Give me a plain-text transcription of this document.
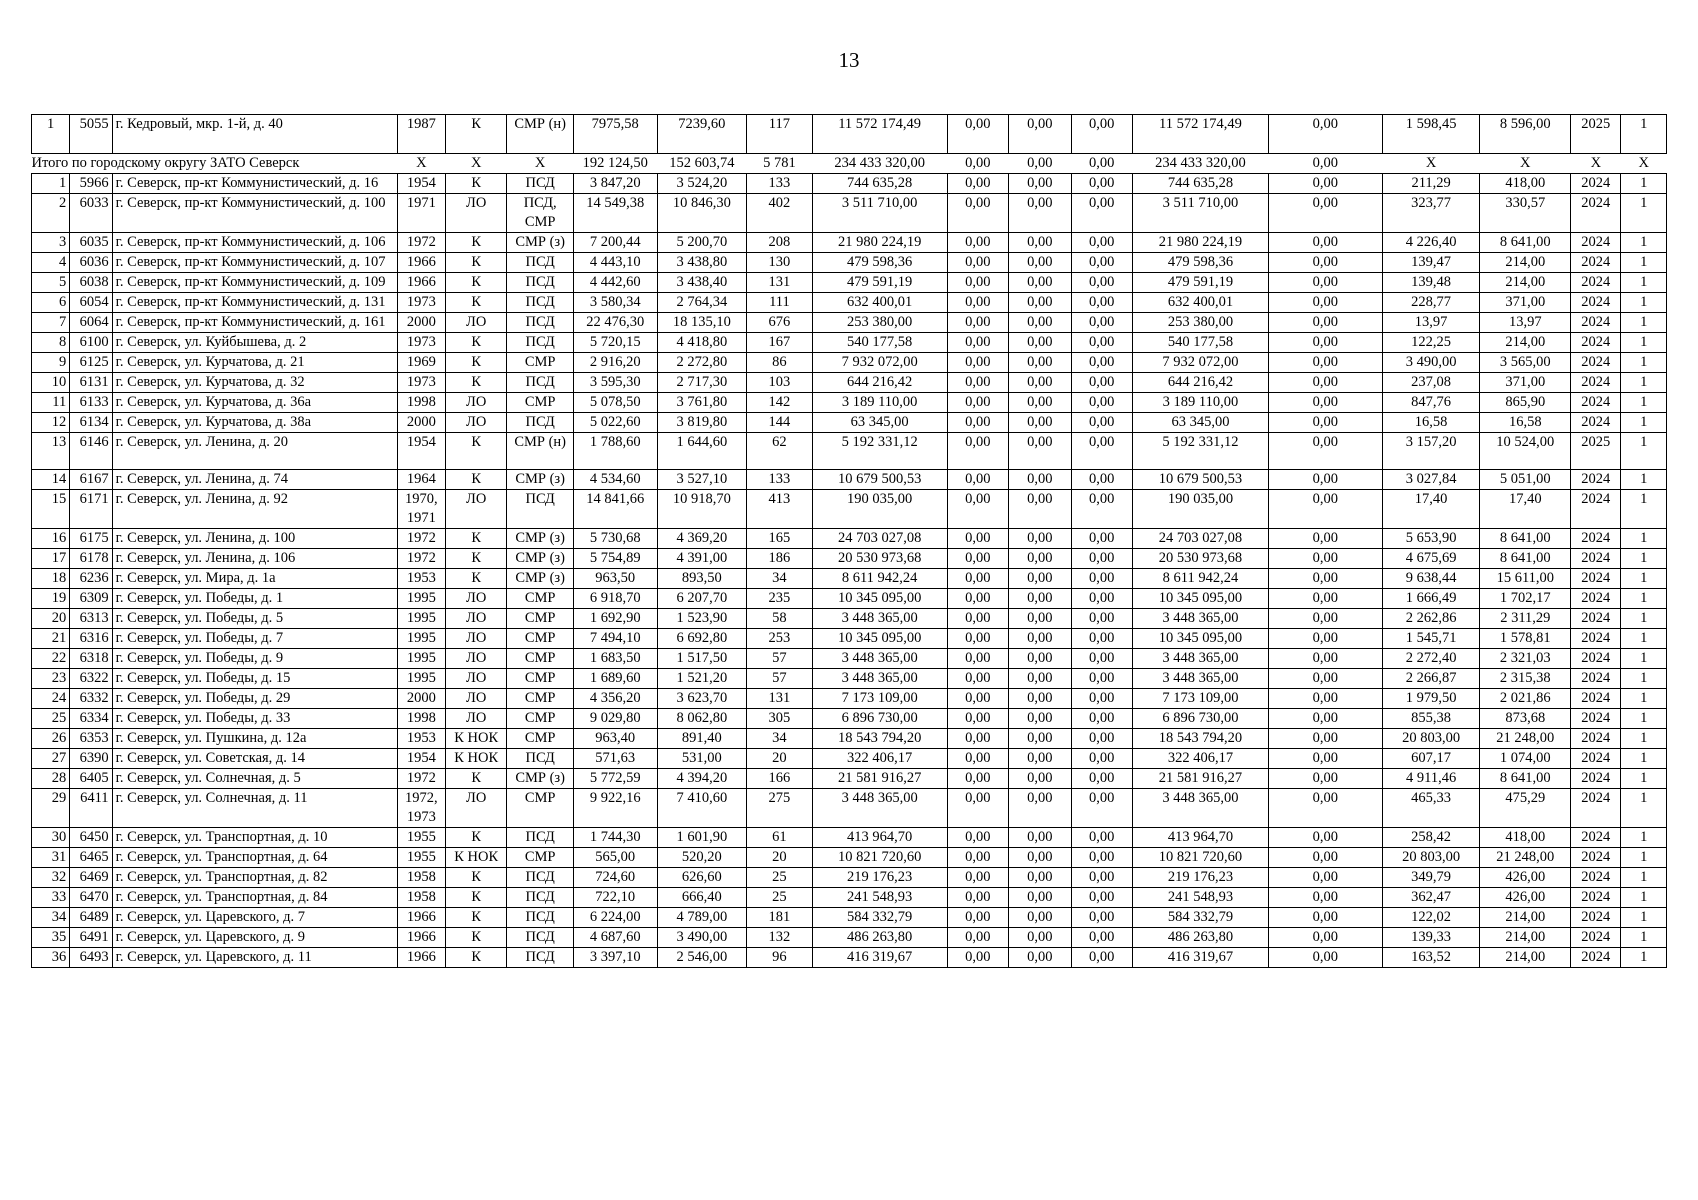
13
1	5055	г. Кедровый, мкр. 1-й, д. 40	1987	К	СМР (н)	7975,58	7239,60	117	11 572 174,49	0,00	0,00	0,00	11 572 174,49	0,00	1 598,45	8 596,00	2025	1
Итого по городскому округу ЗАТО Северск			Х	Х	Х	192 124,50	152 603,74	5 781	234 433 320,00	0,00	0,00	0,00	234 433 320,00	0,00	Х	Х	Х	Х
1	5966	г. Северск, пр-кт Коммунистический, д. 16	1954	К	ПСД	3 847,20	3 524,20	133	744 635,28	0,00	0,00	0,00	744 635,28	0,00	211,29	418,00	2024	1
2	6033	г. Северск, пр-кт Коммунистический, д. 100	1971	ЛО	ПСД, СМР	14 549,38	10 846,30	402	3 511 710,00	0,00	0,00	0,00	3 511 710,00	0,00	323,77	330,57	2024	1
3	6035	г. Северск, пр-кт Коммунистический, д. 106	1972	К	СМР (з)	7 200,44	5 200,70	208	21 980 224,19	0,00	0,00	0,00	21 980 224,19	0,00	4 226,40	8 641,00	2024	1
4	6036	г. Северск, пр-кт Коммунистический, д. 107	1966	К	ПСД	4 443,10	3 438,80	130	479 598,36	0,00	0,00	0,00	479 598,36	0,00	139,47	214,00	2024	1
5	6038	г. Северск, пр-кт Коммунистический, д. 109	1966	К	ПСД	4 442,60	3 438,40	131	479 591,19	0,00	0,00	0,00	479 591,19	0,00	139,48	214,00	2024	1
6	6054	г. Северск, пр-кт Коммунистический, д. 131	1973	К	ПСД	3 580,34	2 764,34	111	632 400,01	0,00	0,00	0,00	632 400,01	0,00	228,77	371,00	2024	1
7	6064	г. Северск, пр-кт Коммунистический, д. 161	2000	ЛО	ПСД	22 476,30	18 135,10	676	253 380,00	0,00	0,00	0,00	253 380,00	0,00	13,97	13,97	2024	1
8	6100	г. Северск, ул. Куйбышева, д. 2	1973	К	ПСД	5 720,15	4 418,80	167	540 177,58	0,00	0,00	0,00	540 177,58	0,00	122,25	214,00	2024	1
9	6125	г. Северск, ул. Курчатова, д. 21	1969	К	СМР	2 916,20	2 272,80	86	7 932 072,00	0,00	0,00	0,00	7 932 072,00	0,00	3 490,00	3 565,00	2024	1
10	6131	г. Северск, ул. Курчатова, д. 32	1973	К	ПСД	3 595,30	2 717,30	103	644 216,42	0,00	0,00	0,00	644 216,42	0,00	237,08	371,00	2024	1
11	6133	г. Северск, ул. Курчатова, д. 36а	1998	ЛО	СМР	5 078,50	3 761,80	142	3 189 110,00	0,00	0,00	0,00	3 189 110,00	0,00	847,76	865,90	2024	1
12	6134	г. Северск, ул. Курчатова, д. 38а	2000	ЛО	ПСД	5 022,60	3 819,80	144	63 345,00	0,00	0,00	0,00	63 345,00	0,00	16,58	16,58	2024	1
13	6146	г. Северск, ул. Ленина, д. 20	1954	К	СМР (н)	1 788,60	1 644,60	62	5 192 331,12	0,00	0,00	0,00	5 192 331,12	0,00	3 157,20	10 524,00	2025	1
14	6167	г. Северск, ул. Ленина, д. 74	1964	К	СМР (з)	4 534,60	3 527,10	133	10 679 500,53	0,00	0,00	0,00	10 679 500,53	0,00	3 027,84	5 051,00	2024	1
15	6171	г. Северск, ул. Ленина, д. 92	1970, 1971	ЛО	ПСД	14 841,66	10 918,70	413	190 035,00	0,00	0,00	0,00	190 035,00	0,00	17,40	17,40	2024	1
16	6175	г. Северск, ул. Ленина, д. 100	1972	К	СМР (з)	5 730,68	4 369,20	165	24 703 027,08	0,00	0,00	0,00	24 703 027,08	0,00	5 653,90	8 641,00	2024	1
17	6178	г. Северск, ул. Ленина, д. 106	1972	К	СМР (з)	5 754,89	4 391,00	186	20 530 973,68	0,00	0,00	0,00	20 530 973,68	0,00	4 675,69	8 641,00	2024	1
18	6236	г. Северск, ул. Мира, д. 1а	1953	К	СМР (з)	963,50	893,50	34	8 611 942,24	0,00	0,00	0,00	8 611 942,24	0,00	9 638,44	15 611,00	2024	1
19	6309	г. Северск, ул. Победы, д. 1	1995	ЛО	СМР	6 918,70	6 207,70	235	10 345 095,00	0,00	0,00	0,00	10 345 095,00	0,00	1 666,49	1 702,17	2024	1
20	6313	г. Северск, ул. Победы, д. 5	1995	ЛО	СМР	1 692,90	1 523,90	58	3 448 365,00	0,00	0,00	0,00	3 448 365,00	0,00	2 262,86	2 311,29	2024	1
21	6316	г. Северск, ул. Победы, д. 7	1995	ЛО	СМР	7 494,10	6 692,80	253	10 345 095,00	0,00	0,00	0,00	10 345 095,00	0,00	1 545,71	1 578,81	2024	1
22	6318	г. Северск, ул. Победы, д. 9	1995	ЛО	СМР	1 683,50	1 517,50	57	3 448 365,00	0,00	0,00	0,00	3 448 365,00	0,00	2 272,40	2 321,03	2024	1
23	6322	г. Северск, ул. Победы, д. 15	1995	ЛО	СМР	1 689,60	1 521,20	57	3 448 365,00	0,00	0,00	0,00	3 448 365,00	0,00	2 266,87	2 315,38	2024	1
24	6332	г. Северск, ул. Победы, д. 29	2000	ЛО	СМР	4 356,20	3 623,70	131	7 173 109,00	0,00	0,00	0,00	7 173 109,00	0,00	1 979,50	2 021,86	2024	1
25	6334	г. Северск, ул. Победы, д. 33	1998	ЛО	СМР	9 029,80	8 062,80	305	6 896 730,00	0,00	0,00	0,00	6 896 730,00	0,00	855,38	873,68	2024	1
26	6353	г. Северск, ул. Пушкина, д. 12а	1953	К НОК	СМР	963,40	891,40	34	18 543 794,20	0,00	0,00	0,00	18 543 794,20	0,00	20 803,00	21 248,00	2024	1
27	6390	г. Северск, ул. Советская, д. 14	1954	К НОК	ПСД	571,63	531,00	20	322 406,17	0,00	0,00	0,00	322 406,17	0,00	607,17	1 074,00	2024	1
28	6405	г. Северск, ул. Солнечная, д. 5	1972	К	СМР (з)	5 772,59	4 394,20	166	21 581 916,27	0,00	0,00	0,00	21 581 916,27	0,00	4 911,46	8 641,00	2024	1
29	6411	г. Северск, ул. Солнечная, д. 11	1972, 1973	ЛО	СМР	9 922,16	7 410,60	275	3 448 365,00	0,00	0,00	0,00	3 448 365,00	0,00	465,33	475,29	2024	1
30	6450	г. Северск, ул. Транспортная, д. 10	1955	К	ПСД	1 744,30	1 601,90	61	413 964,70	0,00	0,00	0,00	413 964,70	0,00	258,42	418,00	2024	1
31	6465	г. Северск, ул. Транспортная, д. 64	1955	К НОК	СМР	565,00	520,20	20	10 821 720,60	0,00	0,00	0,00	10 821 720,60	0,00	20 803,00	21 248,00	2024	1
32	6469	г. Северск, ул. Транспортная, д. 82	1958	К	ПСД	724,60	626,60	25	219 176,23	0,00	0,00	0,00	219 176,23	0,00	349,79	426,00	2024	1
33	6470	г. Северск, ул. Транспортная, д. 84	1958	К	ПСД	722,10	666,40	25	241 548,93	0,00	0,00	0,00	241 548,93	0,00	362,47	426,00	2024	1
34	6489	г. Северск, ул. Царевского, д. 7	1966	К	ПСД	6 224,00	4 789,00	181	584 332,79	0,00	0,00	0,00	584 332,79	0,00	122,02	214,00	2024	1
35	6491	г. Северск, ул. Царевского, д. 9	1966	К	ПСД	4 687,60	3 490,00	132	486 263,80	0,00	0,00	0,00	486 263,80	0,00	139,33	214,00	2024	1
36	6493	г. Северск, ул. Царевского, д. 11	1966	К	ПСД	3 397,10	2 546,00	96	416 319,67	0,00	0,00	0,00	416 319,67	0,00	163,52	214,00	2024	1
